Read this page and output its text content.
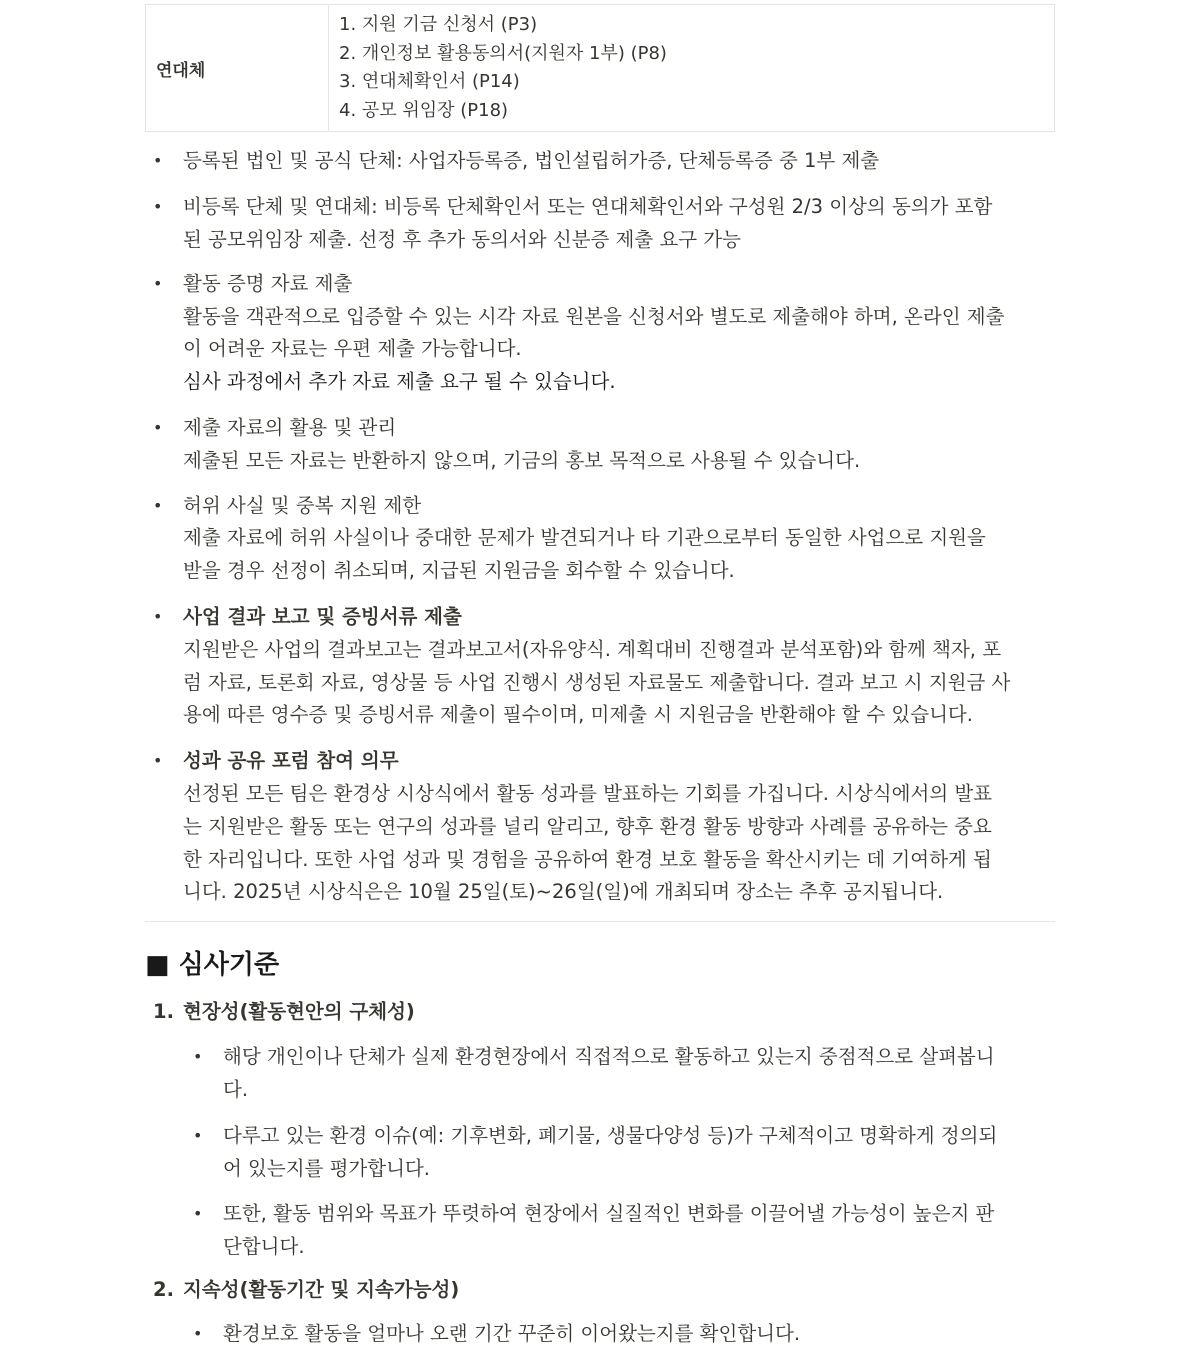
연대체	
1. 지원 기금 신청서 (P3)
2. 개인정보 활용동의서(지원자 1부) (P8)
3. 연대체확인서 (P14)
4. 공모 위임장 (P18)
• 등록된 법인 및 공식 단체: 사업자등록증, 법인설립허가증, 단체등록증 중 1부 제출
• 비등록 단체 및 연대체: 비등록 단체확인서 또는 연대체확인서와 구성원 2/3 이상의 동의가 포함
된 공모위임장 제출. 선정 후 추가 동의서와 신분증 제출 요구 가능
• 활동 증명 자료 제출
활동을 객관적으로 입증할 수 있는 시각 자료 원본을 신청서와 별도로 제출해야 하며, 온라인 제출
이 어려운 자료는 우편 제출 가능합니다.
심사 과정에서 추가 자료 제출 요구 될 수 있습니다.
• 제출 자료의 활용 및 관리
제출된 모든 자료는 반환하지 않으며, 기금의 홍보 목적으로 사용될 수 있습니다.
• 허위 사실 및 중복 지원 제한
제출 자료에 허위 사실이나 중대한 문제가 발견되거나 타 기관으로부터 동일한 사업으로 지원을
받을 경우 선정이 취소되며, 지급된 지원금을 회수할 수 있습니다.
• 사업 결과 보고 및 증빙서류 제출
지원받은 사업의 결과보고는 결과보고서(자유양식. 계획대비 진행결과 분석포함)와 함께 책자, 포
럼 자료, 토론회 자료, 영상물 등 사업 진행시 생성된 자료물도 제출합니다. 결과 보고 시 지원금 사
용에 따른 영수증 및 증빙서류 제출이 필수이며, 미제출 시 지원금을 반환해야 할 수 있습니다.
• 성과 공유 포럼 참여 의무
선정된 모든 팀은 환경상 시상식에서 활동 성과를 발표하는 기회를 가집니다. 시상식에서의 발표
는 지원받은 활동 또는 연구의 성과를 널리 알리고, 향후 환경 활동 방향과 사례를 공유하는 중요
한 자리입니다. 또한 사업 성과 및 경험을 공유하여 환경 보호 활동을 확산시키는 데 기여하게 됩
니다. 2025년 시상식은은 10월 25일(토)~26일(일)에 개최되며 장소는 추후 공지됩니다.
■ 심사기준
1. 현장성(활동현안의 구체성)
• 해당 개인이나 단체가 실제 환경현장에서 직접적으로 활동하고 있는지 중점적으로 살펴봅니
다.
• 다루고 있는 환경 이슈(예: 기후변화, 폐기물, 생물다양성 등)가 구체적이고 명확하게 정의되
어 있는지를 평가합니다.
• 또한, 활동 범위와 목표가 뚜렷하여 현장에서 실질적인 변화를 이끌어낼 가능성이 높은지 판
단합니다.
2. 지속성(활동기간 및 지속가능성)
• 환경보호 활동을 얼마나 오랜 기간 꾸준히 이어왔는지를 확인합니다.
